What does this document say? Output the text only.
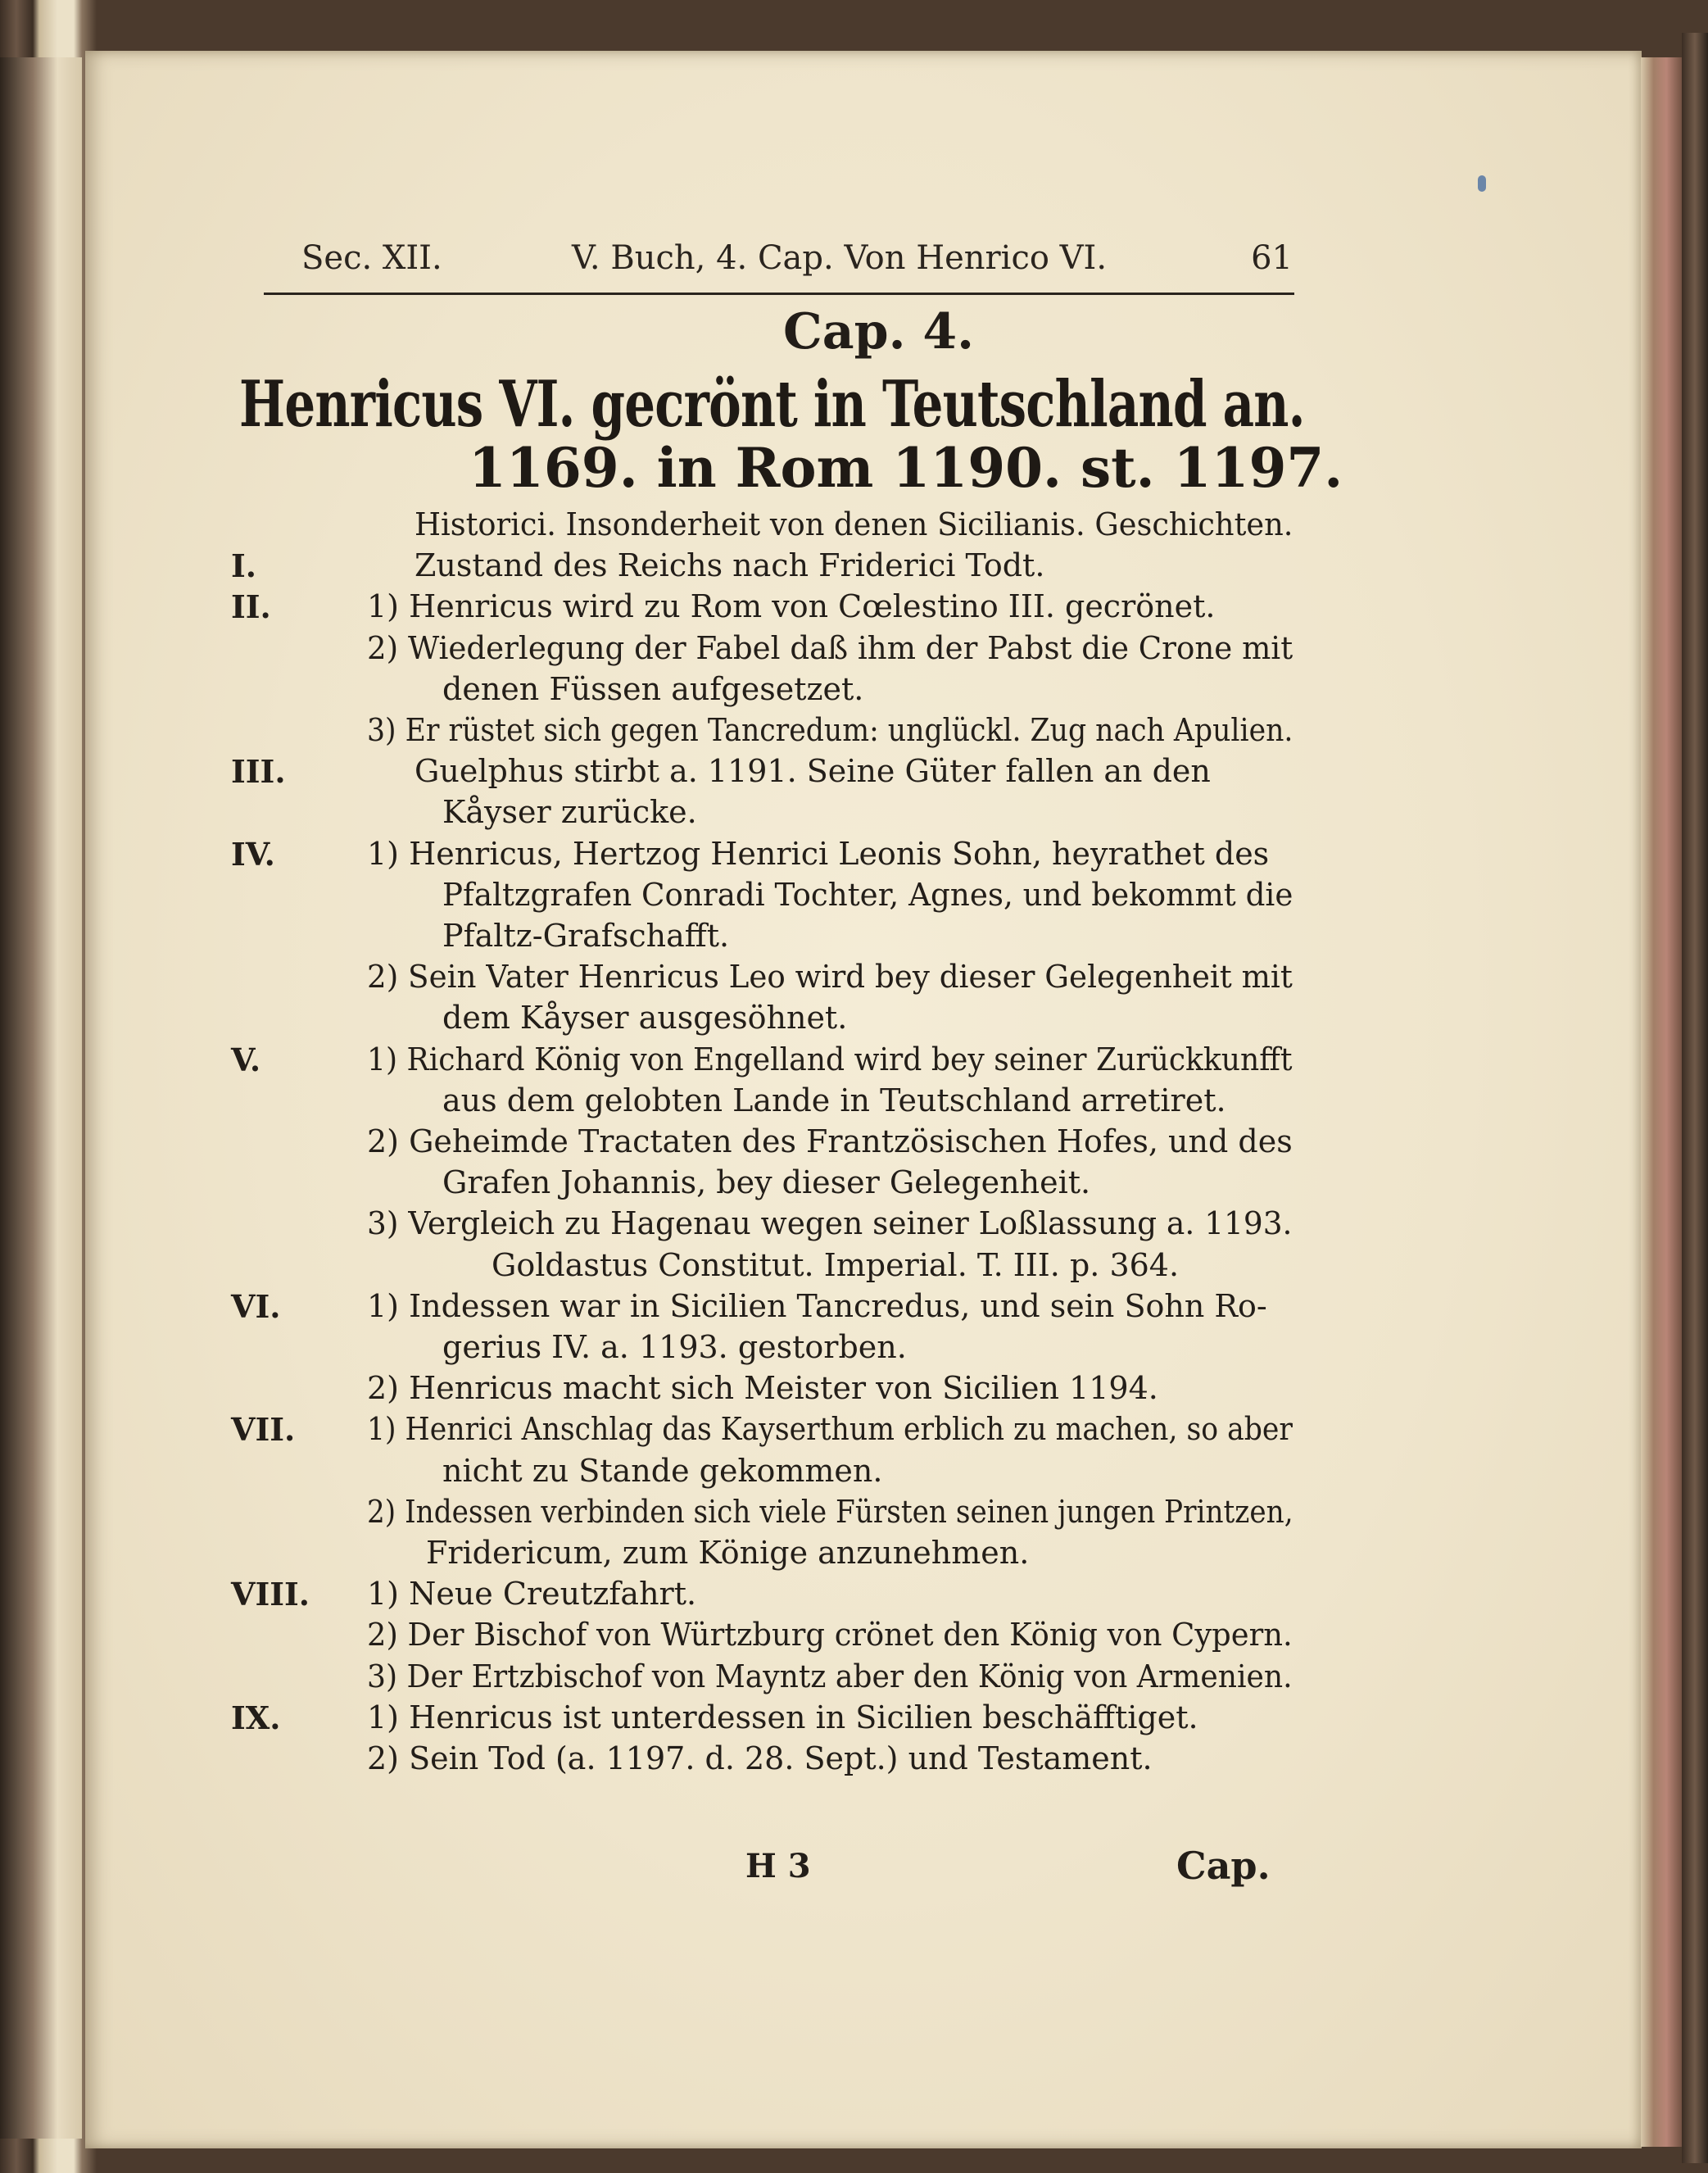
Sec. XII.	V. Buch, 4. Cap. Von Henrico VI.	61
Cap. 4.
Henricus VI. gecrönt in Teutschland an.
1169. in Rom 1190. st. 1197.
Historici. Insonderheit von denen Sicilianis. Geschichten.
I.	Zustand des Reichs nach Friderici Todt.
II.	1) Henricus wird zu Rom von Cœlestino III. gecrönet.
2) Wiederlegung der Fabel daß ihm der Pabst die Crone mit
denen Füssen aufgesetzet.
3) Er rüstet sich gegen Tancredum: unglückl. Zug nach Apulien.
III.	Guelphus stirbt a. 1191. Seine Güter fallen an den
Kåyser zurücke.
IV.	1) Henricus, Hertzog Henrici Leonis Sohn, heyrathet des
Pfaltzgrafen Conradi Tochter, Agnes, und bekommt die
Pfaltz-Grafschafft.
2) Sein Vater Henricus Leo wird bey dieser Gelegenheit mit
dem Kåyser ausgesöhnet.
V.	1) Richard König von Engelland wird bey seiner Zurückkunfft
aus dem gelobten Lande in Teutschland arretiret.
2) Geheimde Tractaten des Frantzösischen Hofes, und des
Grafen Johannis, bey dieser Gelegenheit.
3) Vergleich zu Hagenau wegen seiner Loßlassung a. 1193.
Goldastus Constitut. Imperial. T. III. p. 364.
VI.	1) Indessen war in Sicilien Tancredus, und sein Sohn Ro-
gerius IV. a. 1193. gestorben.
2) Henricus macht sich Meister von Sicilien 1194.
VII. 1) Henrici Anschlag das Kayserthum erblich zu machen, so aber
nicht zu Stande gekommen.
2) Indessen verbinden sich viele Fürsten seinen jungen Printzen,
Fridericum, zum Könige anzunehmen.
VIII. 1) Neue Creutzfahrt.
2) Der Bischof von Würtzburg crönet den König von Cypern.
3) Der Ertzbischof von Mayntz aber den König von Armenien.
IX.	1) Henricus ist unterdessen in Sicilien beschäfftiget.
2) Sein Tod (a. 1197. d. 28. Sept.) und Testament.
H 3	Cap.
